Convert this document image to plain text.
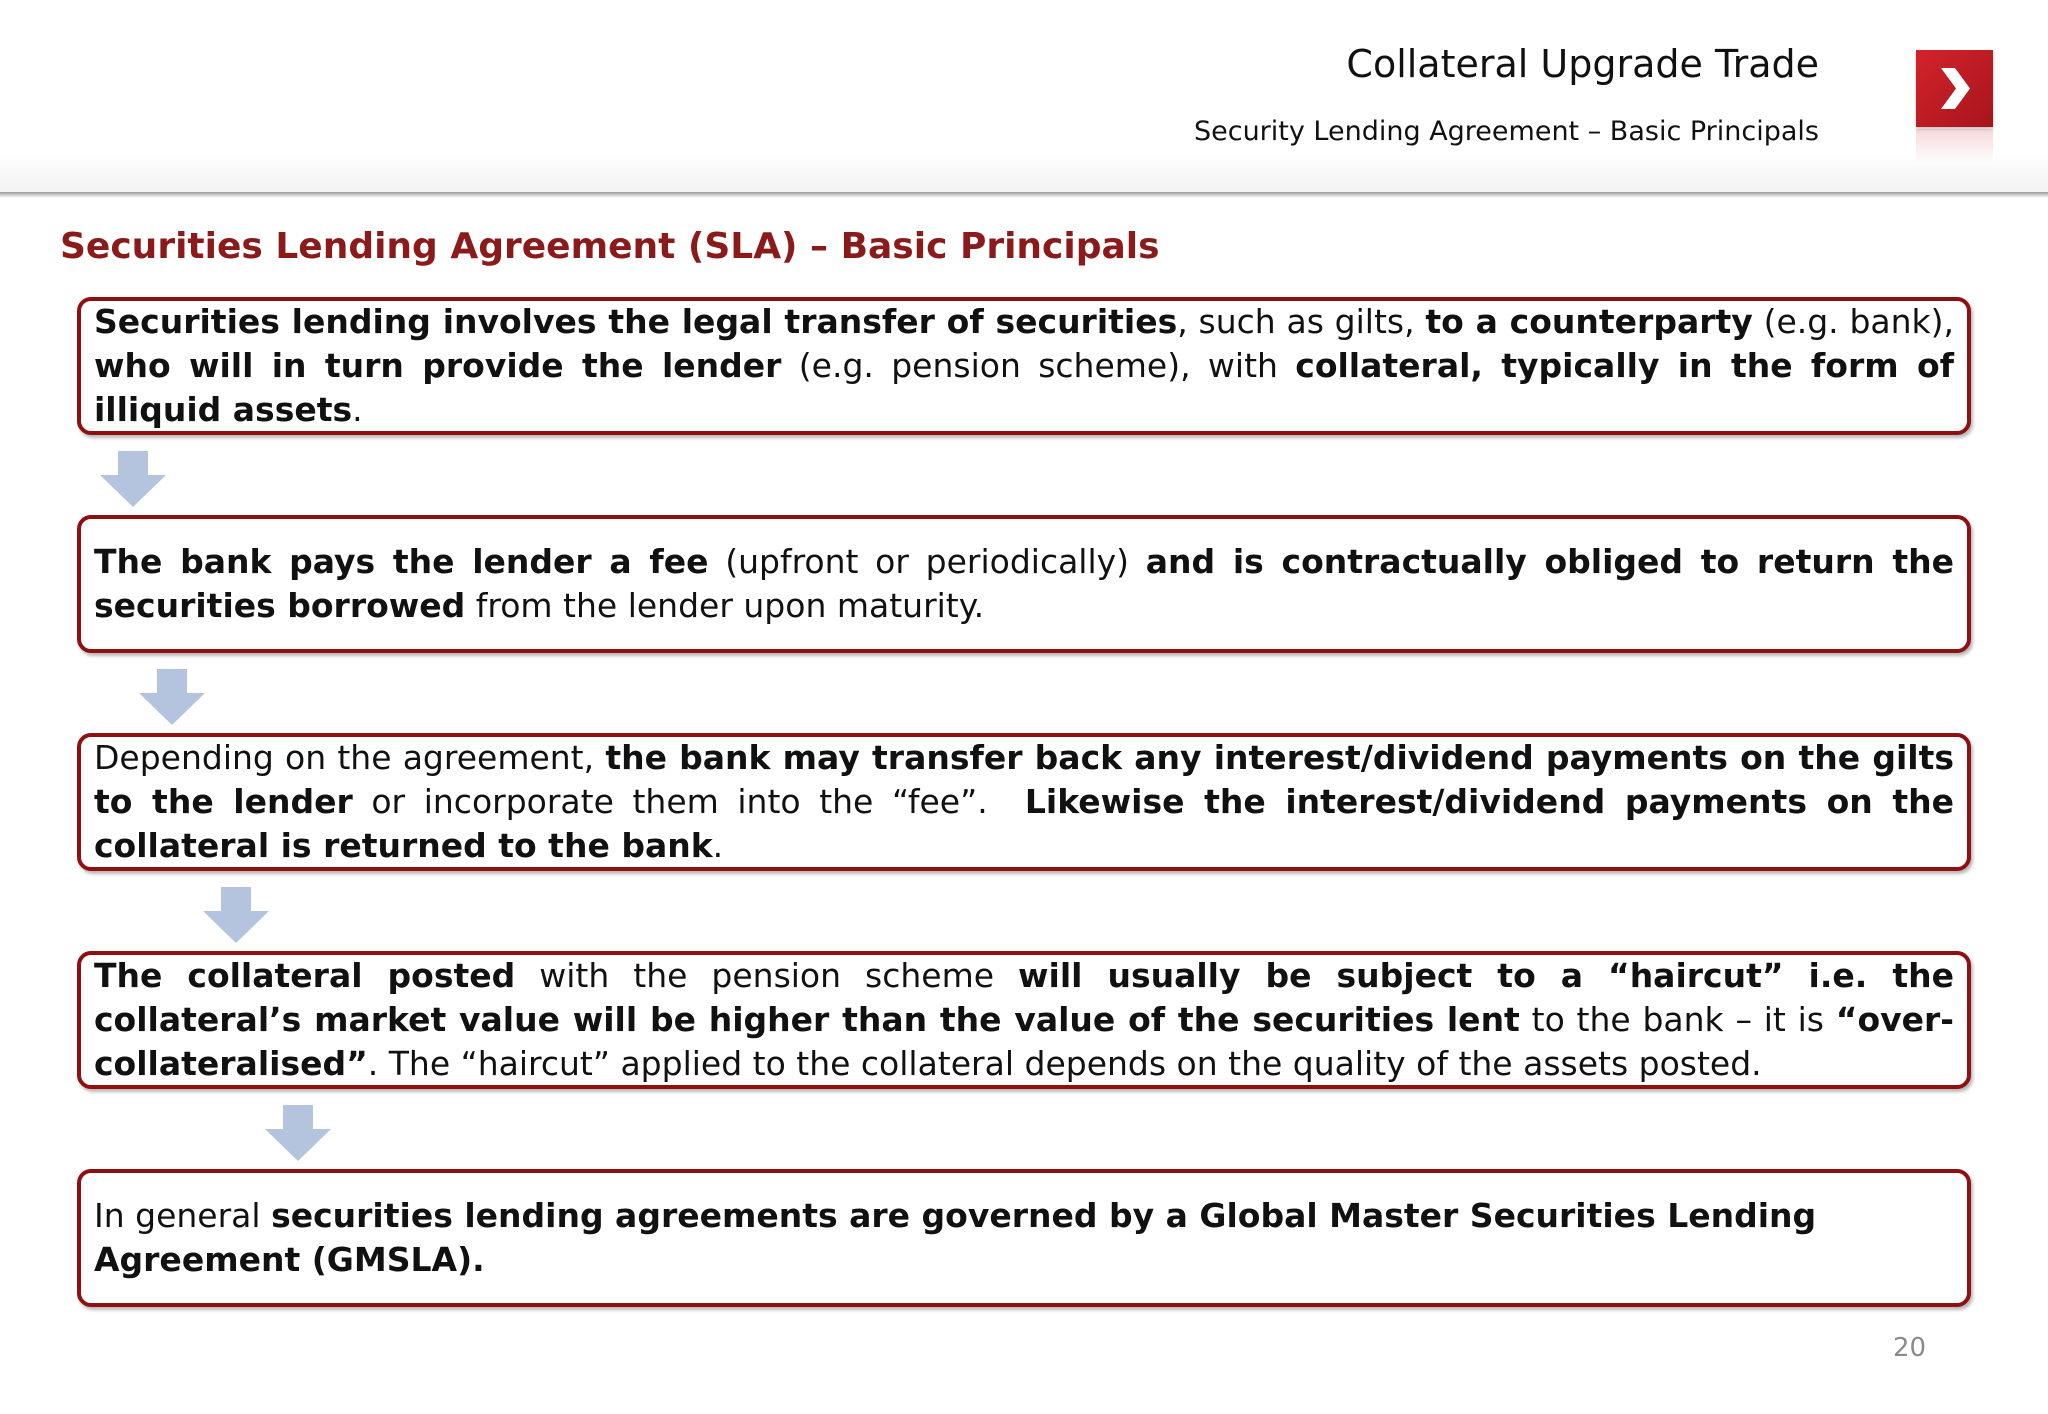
Collateral Upgrade Trade
Security Lending Agreement – Basic Principals
Securities Lending Agreement (SLA) – Basic Principals
Securities lending involves the legal transfer of securities, such as gilts, to a counterparty (e.g. bank), who will in turn provide the lender (e.g. pension scheme), with collateral, typically in the form of illiquid assets.
The bank pays the lender a fee (upfront or periodically) and is contractually obliged to return the securities borrowed from the lender upon maturity.
Depending on the agreement, the bank may transfer back any interest/dividend payments on the gilts to the lender or incorporate them into the “fee”.  Likewise the interest/dividend payments on the collateral is returned to the bank.
The collateral posted with the pension scheme will usually be subject to a “haircut” i.e. the collateral’s market value will be higher than the value of the securities lent to the bank – it is “over-collateralised”. The “haircut” applied to the collateral depends on the quality of the assets posted.
In general securities lending agreements are governed by a Global Master Securities Lending Agreement (GMSLA).
20
